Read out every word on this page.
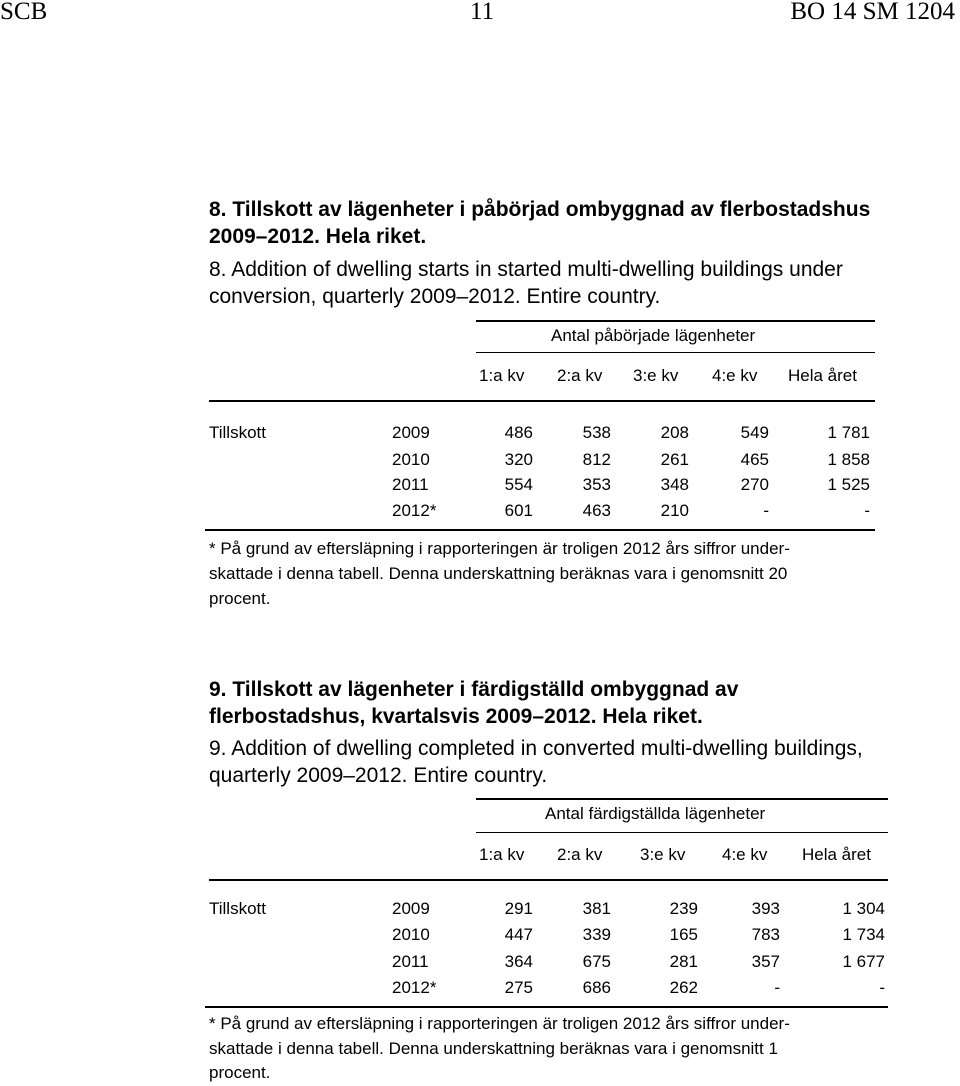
SCB	11	BO 14 SM 1204
8. Tillskott av lägenheter i påbörjad ombyggnad av flerbostadshus
2009–2012. Hela riket.
8. Addition of dwelling starts in started multi-dwelling buildings under
conversion, quarterly 2009–2012. Entire country.
Antal påbörjade lägenheter
1:a kv 2:a kv 3:e kv 4:e kv Hela året
Tillskott	2009	486	538	208	549	1 781
2010	320	812	261	465	1 858
2011	554	353	348	270	1 525
2012*	601	463	210	-	-
* På grund av eftersläpning i rapporteringen är troligen 2012 års siffror under-
skattade i denna tabell. Denna underskattning beräknas vara i genomsnitt 20
procent.
9. Tillskott av lägenheter i färdigställd ombyggnad av
flerbostadshus, kvartalsvis 2009–2012. Hela riket.
9. Addition of dwelling completed in converted multi-dwelling buildings,
quarterly 2009–2012. Entire country.
Antal färdigställda lägenheter
1:a kv 2:a kv 3:e kv 4:e kv Hela året
Tillskott	2009	291	381	239	393	1 304
2010	447	339	165	783	1 734
2011	364	675	281	357	1 677
2012*	275	686	262	-	-
* På grund av eftersläpning i rapporteringen är troligen 2012 års siffror under-
skattade i denna tabell. Denna underskattning beräknas vara i genomsnitt 1
procent.
